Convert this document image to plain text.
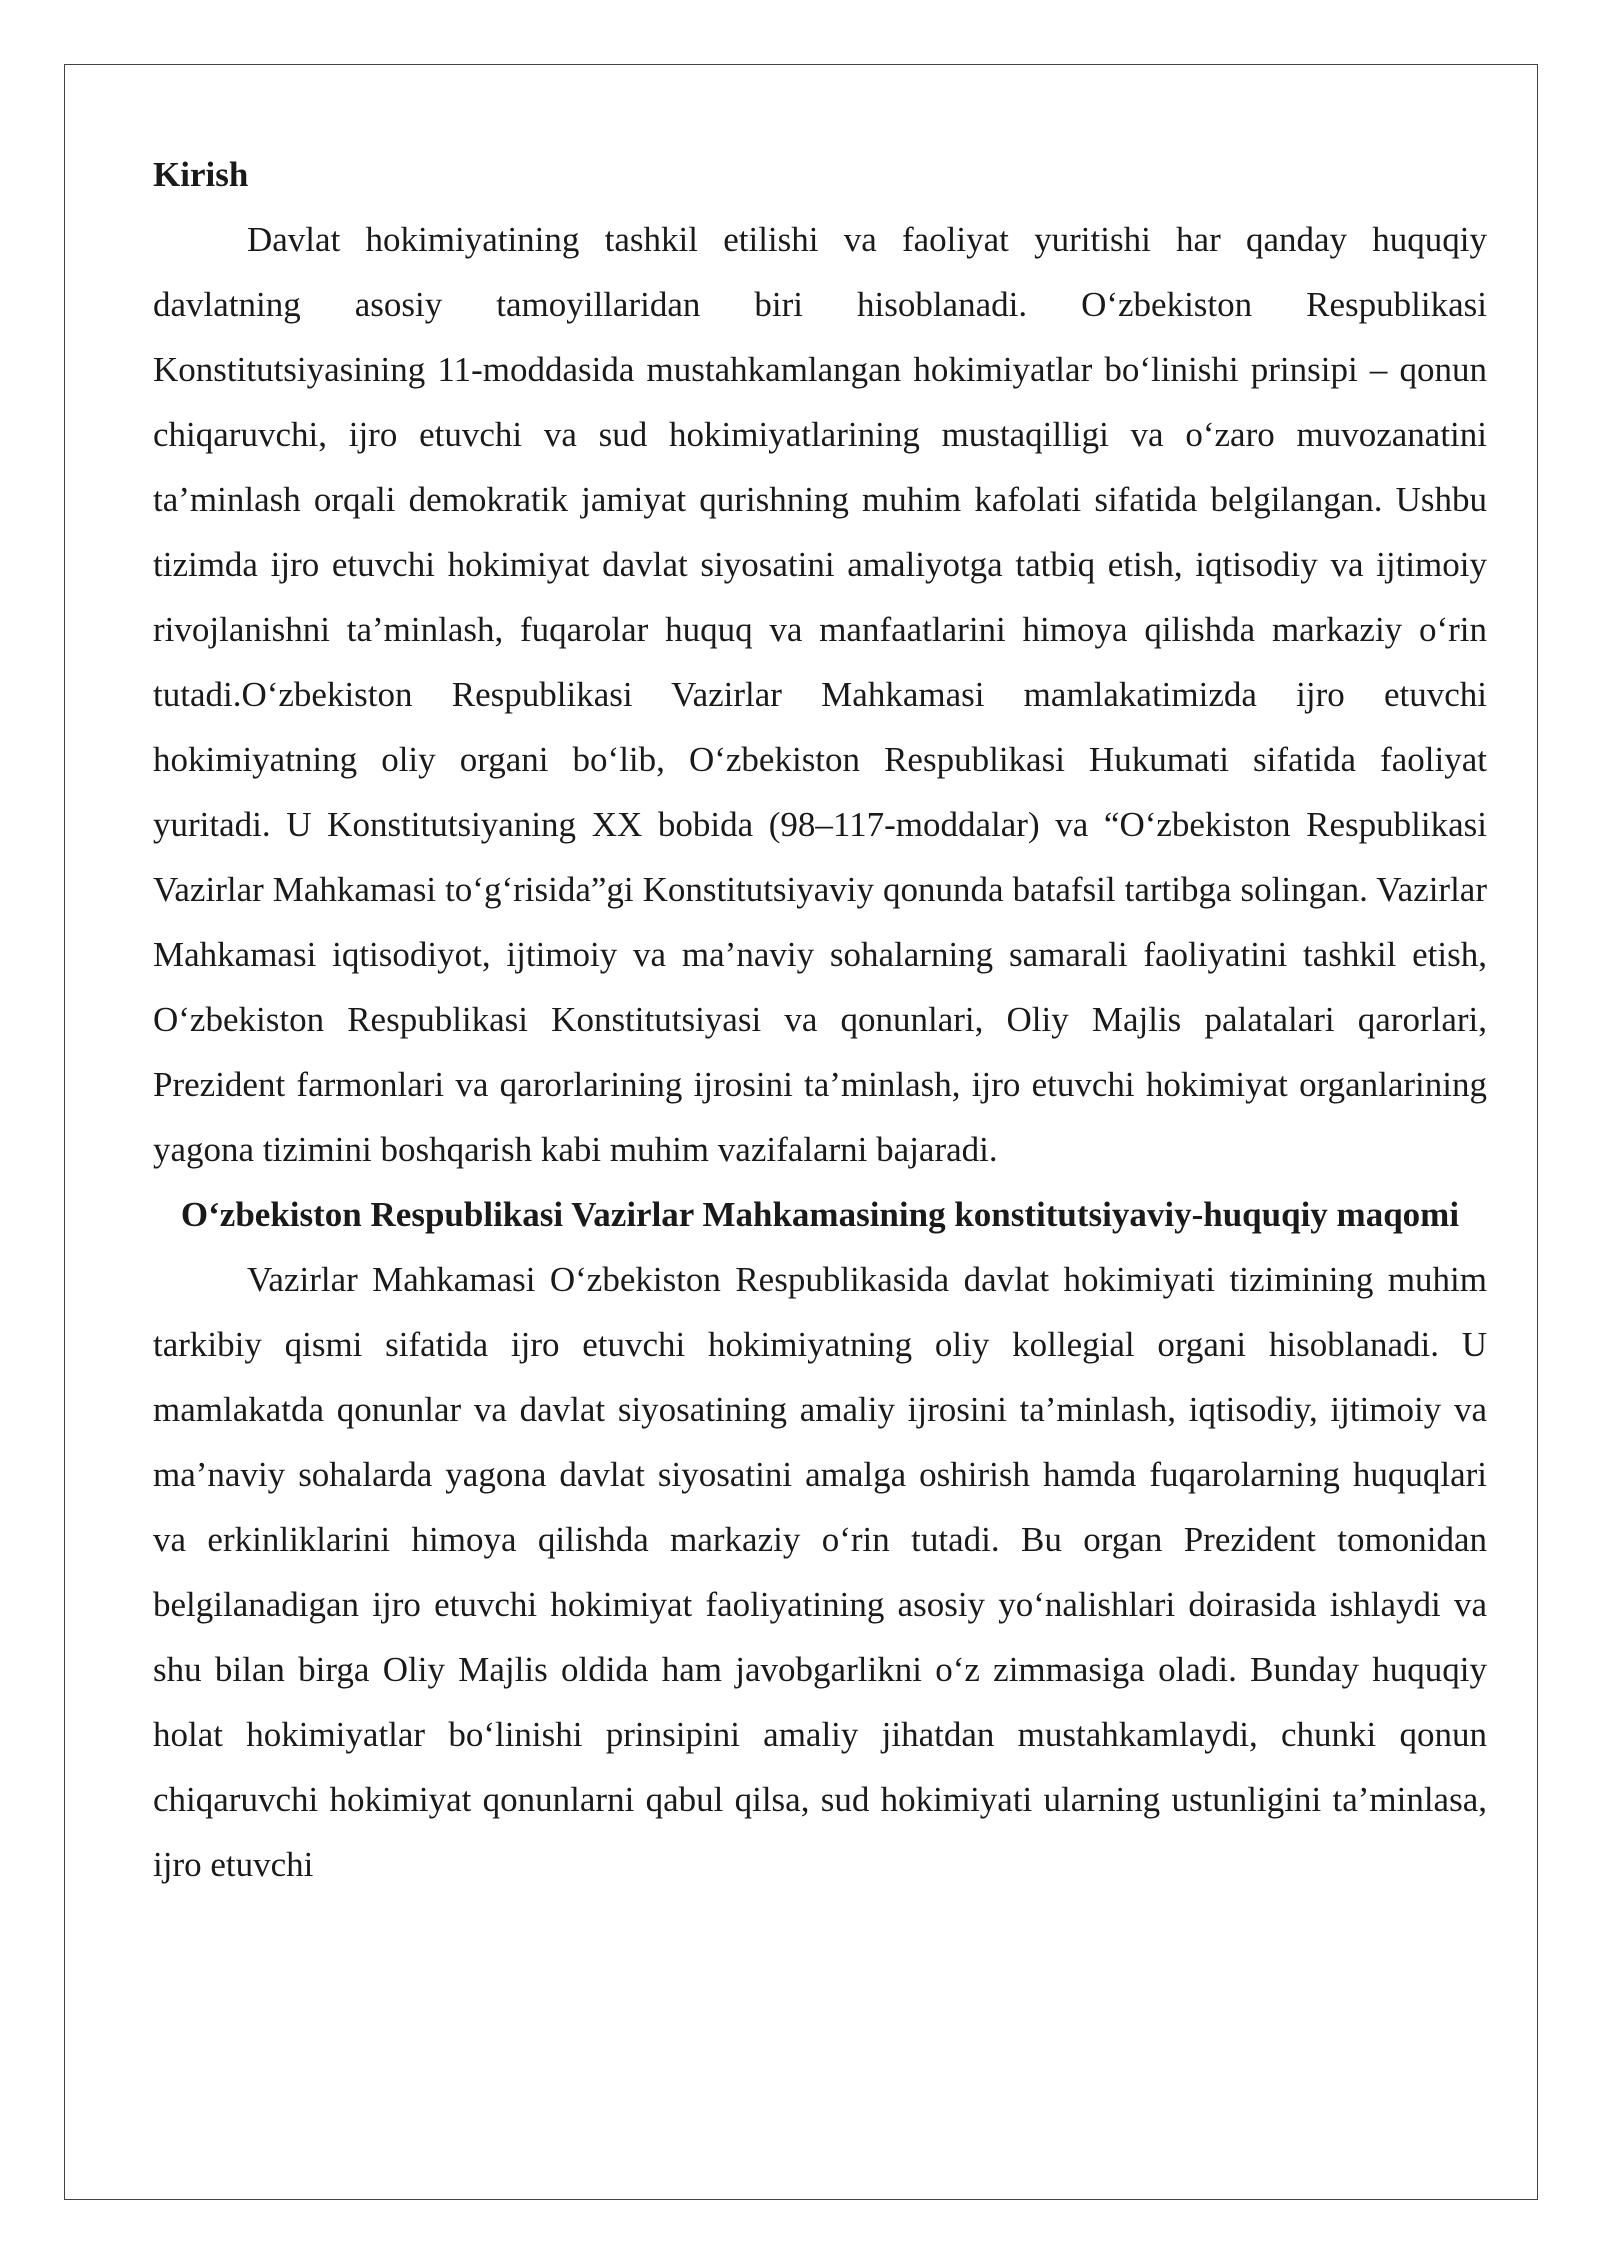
Kirish

Davlat hokimiyatining tashkil etilishi va faoliyat yuritishi har qanday huquqiy davlatning asosiy tamoyillaridan biri hisoblanadi. O‘zbekiston Respublikasi Konstitutsiyasining 11-moddasida mustahkamlangan hokimiyatlar bo‘linishi prinsipi – qonun chiqaruvchi, ijro etuvchi va sud hokimiyatlarining mustaqilligi va o‘zaro muvozanatini ta’minlash orqali demokratik jamiyat qurishning muhim kafolati sifatida belgilangan. Ushbu tizimda ijro etuvchi hokimiyat davlat siyosatini amaliyotga tatbiq etish, iqtisodiy va ijtimoiy rivojlanishni ta’minlash, fuqarolar huquq va manfaatlarini himoya qilishda markaziy o‘rin tutadi.O‘zbekiston Respublikasi Vazirlar Mahkamasi mamlakatimizda ijro etuvchi hokimiyatning oliy organi bo‘lib, O‘zbekiston Respublikasi Hukumati sifatida faoliyat yuritadi. U Konstitutsiyaning XX bobida (98–117-moddalar) va “O‘zbekiston Respublikasi Vazirlar Mahkamasi to‘g‘risida”gi Konstitutsiyaviy qonunda batafsil tartibga solingan. Vazirlar Mahkamasi iqtisodiyot, ijtimoiy va ma’naviy sohalarning samarali faoliyatini tashkil etish, O‘zbekiston Respublikasi Konstitutsiyasi va qonunlari, Oliy Majlis palatalari qarorlari, Prezident farmonlari va qarorlarining ijrosini ta’minlash, ijro etuvchi hokimiyat organlarining yagona tizimini boshqarish kabi muhim vazifalarni bajaradi.

O‘zbekiston Respublikasi Vazirlar Mahkamasining konstitutsiyaviy-huquqiy maqomi

Vazirlar Mahkamasi O‘zbekiston Respublikasida davlat hokimiyati tizimining muhim tarkibiy qismi sifatida ijro etuvchi hokimiyatning oliy kollegial organi hisoblanadi. U mamlakatda qonunlar va davlat siyosatining amaliy ijrosini ta’minlash, iqtisodiy, ijtimoiy va ma’naviy sohalarda yagona davlat siyosatini amalga oshirish hamda fuqarolarning huquqlari va erkinliklarini himoya qilishda markaziy o‘rin tutadi. Bu organ Prezident tomonidan belgilanadigan ijro etuvchi hokimiyat faoliyatining asosiy yo‘nalishlari doirasida ishlaydi va shu bilan birga Oliy Majlis oldida ham javobgarlikni o‘z zimmasiga oladi. Bunday huquqiy holat hokimiyatlar bo‘linishi prinsipini amaliy jihatdan mustahkamlaydi, chunki qonun chiqaruvchi hokimiyat qonunlarni qabul qilsa, sud hokimiyati ularning ustunligini ta’minlasa, ijro etuvchi
